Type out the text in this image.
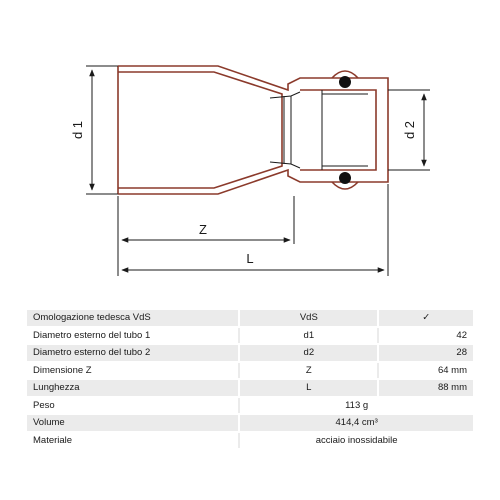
d 1	d 2
Z
L
Omologazione tedesca VdS	VdS	✓
Diametro esterno del tubo 1	d1	42
Diametro esterno del tubo 2	d2	28
Dimensione Z	Z	64 mm
Lunghezza	L	88 mm
Peso	113 g	
Volume	414,4 cm³	
Materiale	acciaio inossidabile	
